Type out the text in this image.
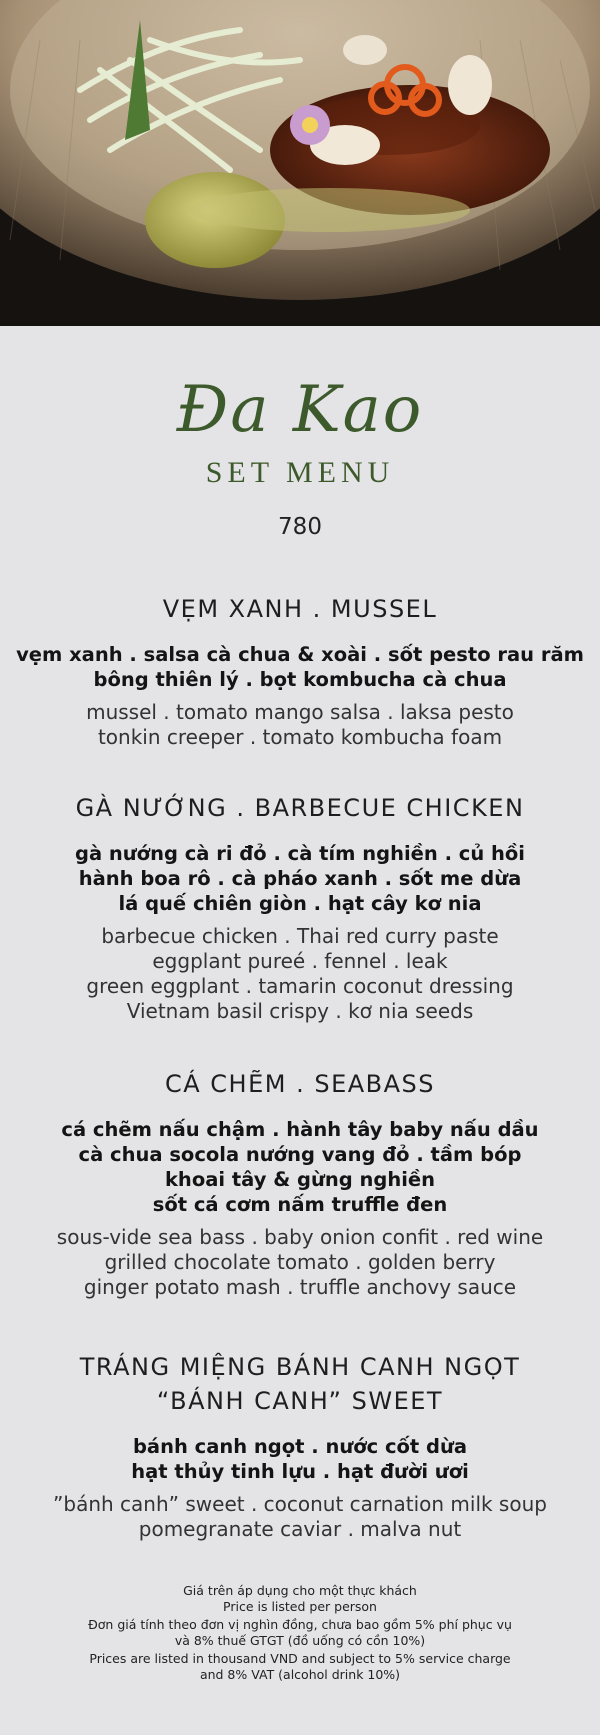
Đa Kao
SET MENU
780
VẸM XANH . MUSSEL
vẹm xanh . salsa cà chua & xoài . sốt pesto rau răm
bông thiên lý . bọt kombucha cà chua
mussel . tomato mango salsa . laksa pesto
tonkin creeper . tomato kombucha foam
GÀ NƯỚNG . BARBECUE CHICKEN
gà nướng cà ri đỏ . cà tím nghiền . củ hồi
hành boa rô . cà pháo xanh . sốt me dừa
lá quế chiên giòn . hạt cây kơ nia
barbecue chicken . Thai red curry paste
eggplant pureé . fennel . leak
green eggplant . tamarin coconut dressing
Vietnam basil crispy . kơ nia seeds
CÁ CHẼM . SEABASS
cá chẽm nấu chậm . hành tây baby nấu dầu
cà chua socola nướng vang đỏ . tầm bóp
khoai tây & gừng nghiền
sốt cá cơm nấm truffle đen
sous-vide sea bass . baby onion confit . red wine
grilled chocolate tomato . golden berry
ginger potato mash . truffle anchovy sauce
TRÁNG MIỆNG BÁNH CANH NGỌT
“BÁNH CANH” SWEET
bánh canh ngọt . nước cốt dừa
hạt thủy tinh lựu . hạt đười ươi
”bánh canh” sweet . coconut carnation milk soup
pomegranate caviar . malva nut
Giá trên áp dụng cho một thực khách
Price is listed per person
Đơn giá tính theo đơn vị nghìn đồng, chưa bao gồm 5% phí phục vụ
và 8% thuế GTGT (đồ uống có cồn 10%)
Prices are listed in thousand VND and subject to 5% service charge
and 8% VAT (alcohol drink 10%)
